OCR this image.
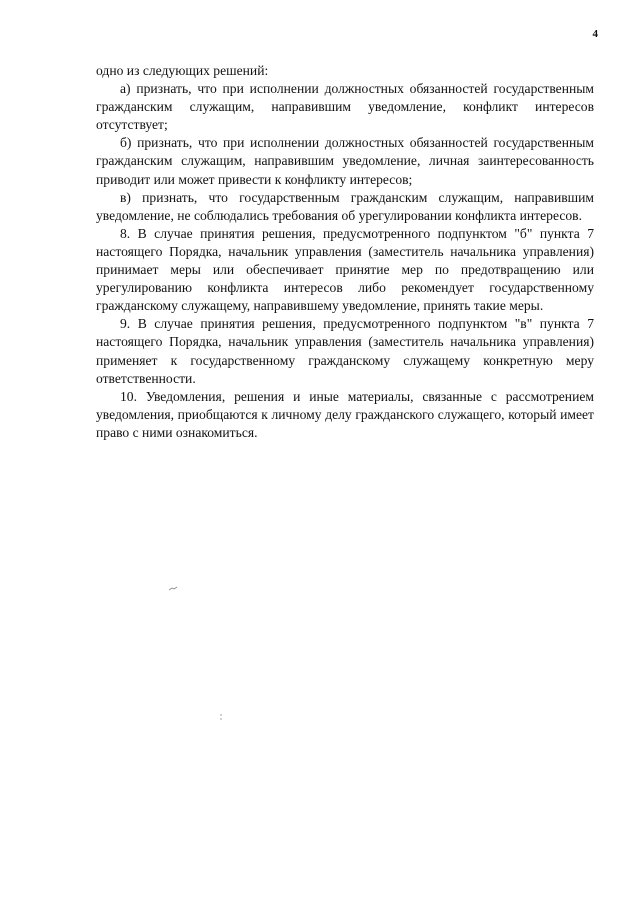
4

одно из следующих решений:

а) признать, что при исполнении должностных обязанностей государственным гражданским служащим, направившим уведомление, конфликт интересов отсутствует;

б) признать, что при исполнении должностных обязанностей государственным гражданским служащим, направившим уведомление, личная заинтересованность приводит или может привести к конфликту интересов;

в) признать, что государственным гражданским служащим, направившим уведомление, не соблюдались требования об урегулировании конфликта интересов.

8. В случае принятия решения, предусмотренного подпунктом "б" пункта 7 настоящего Порядка, начальник управления (заместитель начальника управления) принимает меры или обеспечивает принятие мер по предотвращению или урегулированию конфликта интересов либо рекомендует государственному гражданскому служащему, направившему уведомление, принять такие меры.

9. В случае принятия решения, предусмотренного подпунктом "в" пункта 7 настоящего Порядка, начальник управления (заместитель начальника управления) применяет к государственному гражданскому служащему конкретную меру ответственности.

10. Уведомления, решения и иные материалы, связанные с рассмотрением уведомления, приобщаются к личному делу гражданского служащего, который имеет право с ними ознакомиться.
